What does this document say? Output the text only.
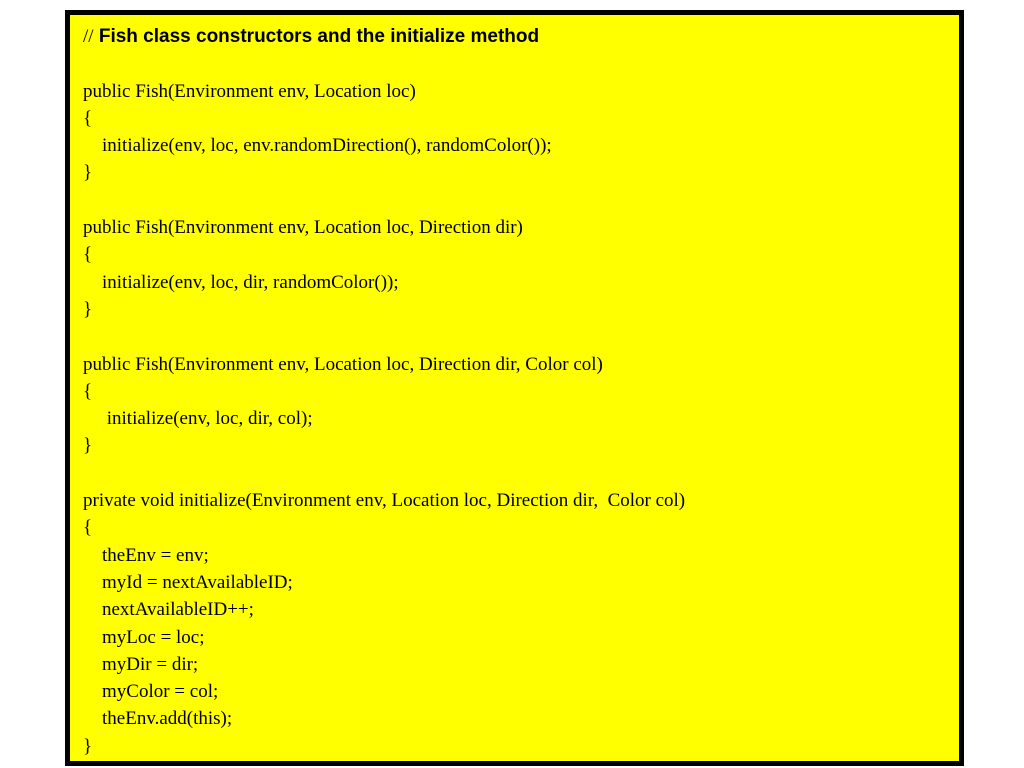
// Fish class constructors and the initialize method
public Fish(Environment env, Location loc)
{
initialize(env, loc, env.randomDirection(), randomColor());
}
public Fish(Environment env, Location loc, Direction dir)
{
initialize(env, loc, dir, randomColor());
}
public Fish(Environment env, Location loc, Direction dir, Color col)
{
initialize(env, loc, dir, col);
}
private void initialize(Environment env, Location loc, Direction dir,  Color col)
{
theEnv = env;
myId = nextAvailableID;
nextAvailableID++;
myLoc = loc;
myDir = dir;
myColor = col;
theEnv.add(this);
}
